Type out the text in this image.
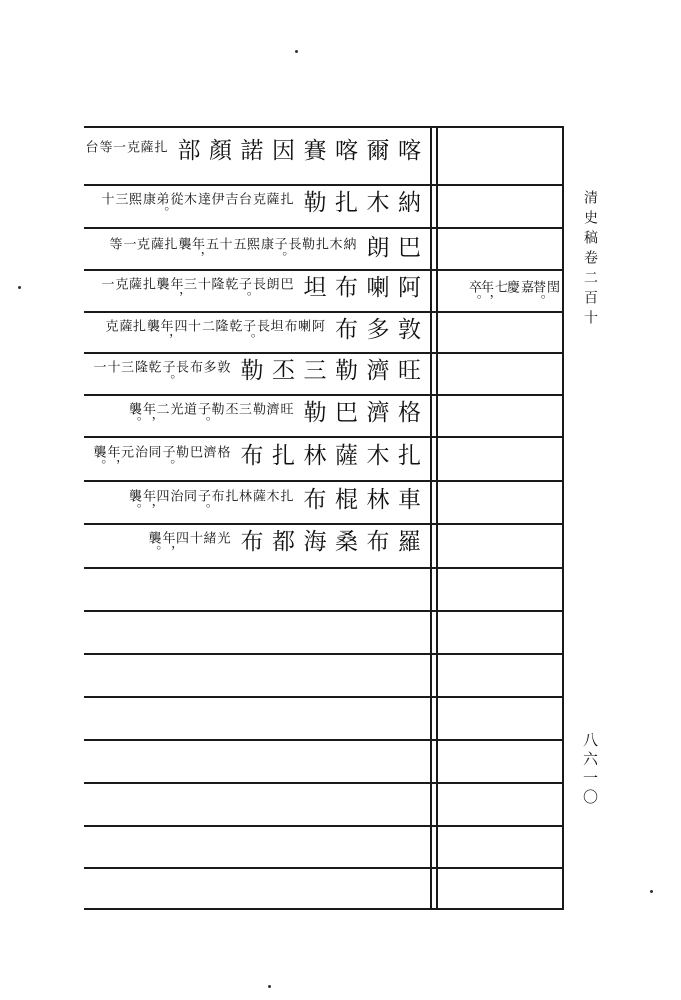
喀
爾
喀
賽
因
諾
顏
部
扎
薩
克
一
等
台
納
木
扎
勒
扎
薩
克
台
吉
伊
達
木
從
弟。
康
熙
三
十
巴
朗
納
木
扎
勒
長
子。
康
熙
五
十
五
年，
襲
扎
薩
克
一
等
阿
喇
布
坦
巴
朗
長
子。
乾
隆
十
三
年，
襲
扎
薩
克
一
敦
多
布
阿
喇
布
坦
長
子。
乾
隆
二
十
四
年，
襲
扎
薩
克
旺
濟
勒
三
丕
勒
敦
多
布
長
子。
乾
隆
三
十
一
格
濟
巴
勒
旺
濟
勒
三
丕
勒
子。
道
光
二
年，
襲。
扎
木
薩
林
扎
布
格
濟
巴
勒
子。
同
治
元
年，
襲。
車
林
棍
布
扎
木
薩
林
扎
布
子。
同
治
四
年，
襲。
羅
布
桑
海
都
布
光
緒
十
四
年，
襲。
閏
替。
嘉
慶
七
年，
卒。	清史稿卷二百十
八六一〇
